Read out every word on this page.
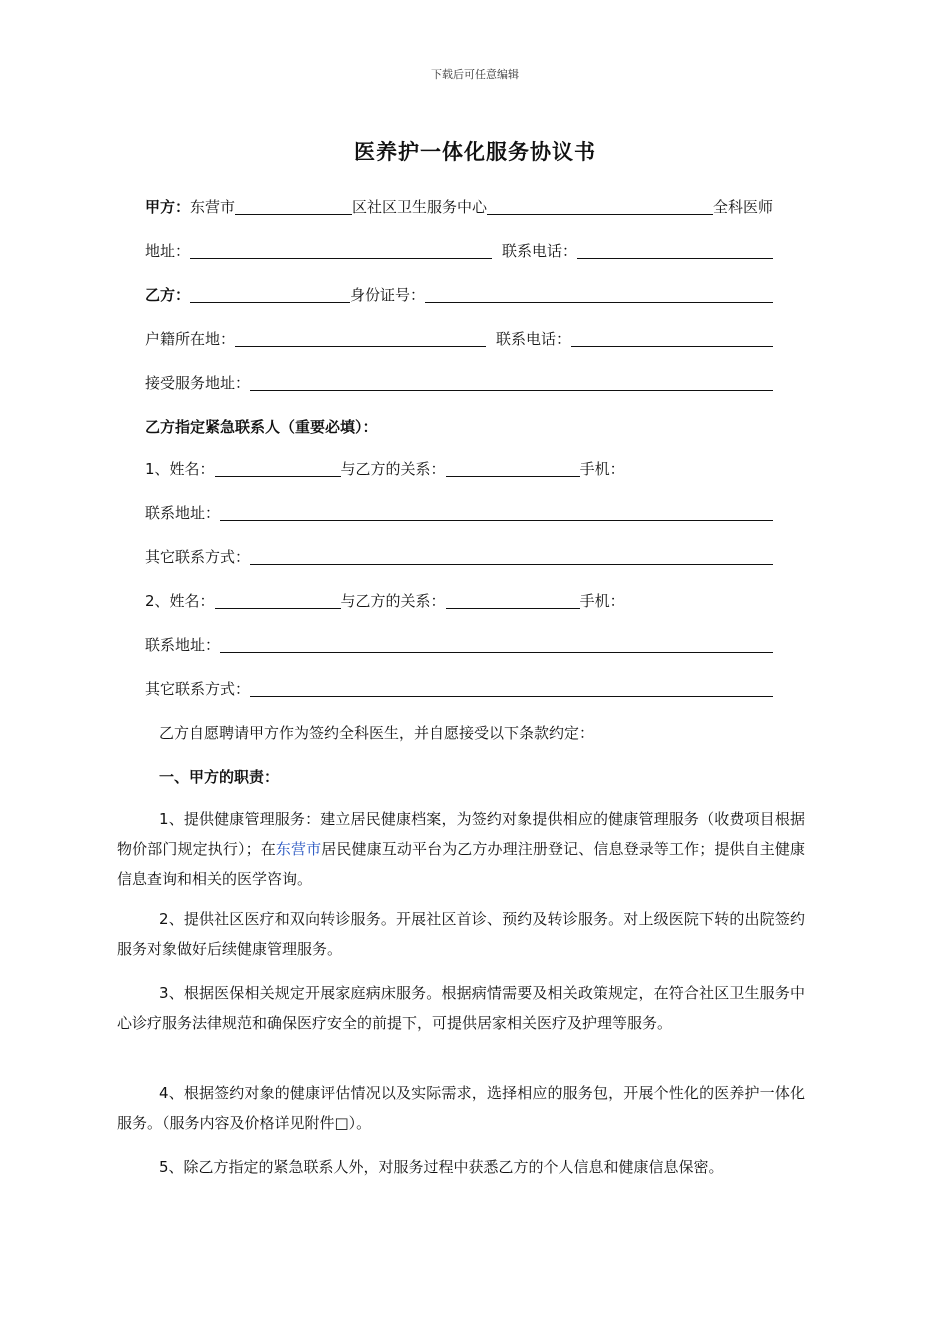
下载后可任意编辑
医养护一体化服务协议书
甲方： 东营市	区社区卫生服务中心	全科医师
地址：	联系电话：
乙方：	身份证号：
户籍所在地：	联系电话：
接受服务地址：
乙方指定紧急联系人（重要必填）：
1、姓名：	与乙方的关系：	手机：
联系地址：
其它联系方式：
2、姓名：	与乙方的关系：	手机：
联系地址：
其它联系方式：
乙方自愿聘请甲方作为签约全科医生，并自愿接受以下条款约定：
一、甲方的职责：
1、提供健康管理服务：建立居民健康档案，为签约对象提供相应的健康管理服务（收费项目根据物价部门规定执行）；在东营市居民健康互动平台为乙方办理注册登记、信息登录等工作；提供自主健康信息查询和相关的医学咨询。
2、提供社区医疗和双向转诊服务。开展社区首诊、预约及转诊服务。对上级医院下转的出院签约服务对象做好后续健康管理服务。
3、根据医保相关规定开展家庭病床服务。根据病情需要及相关政策规定，在符合社区卫生服务中心诊疗服务法律规范和确保医疗安全的前提下，可提供居家相关医疗及护理等服务。
4、根据签约对象的健康评估情况以及实际需求，选择相应的服务包，开展个性化的医养护一体化服务。（服务内容及价格详见附件□）。
5、除乙方指定的紧急联系人外，对服务过程中获悉乙方的个人信息和健康信息保密。
